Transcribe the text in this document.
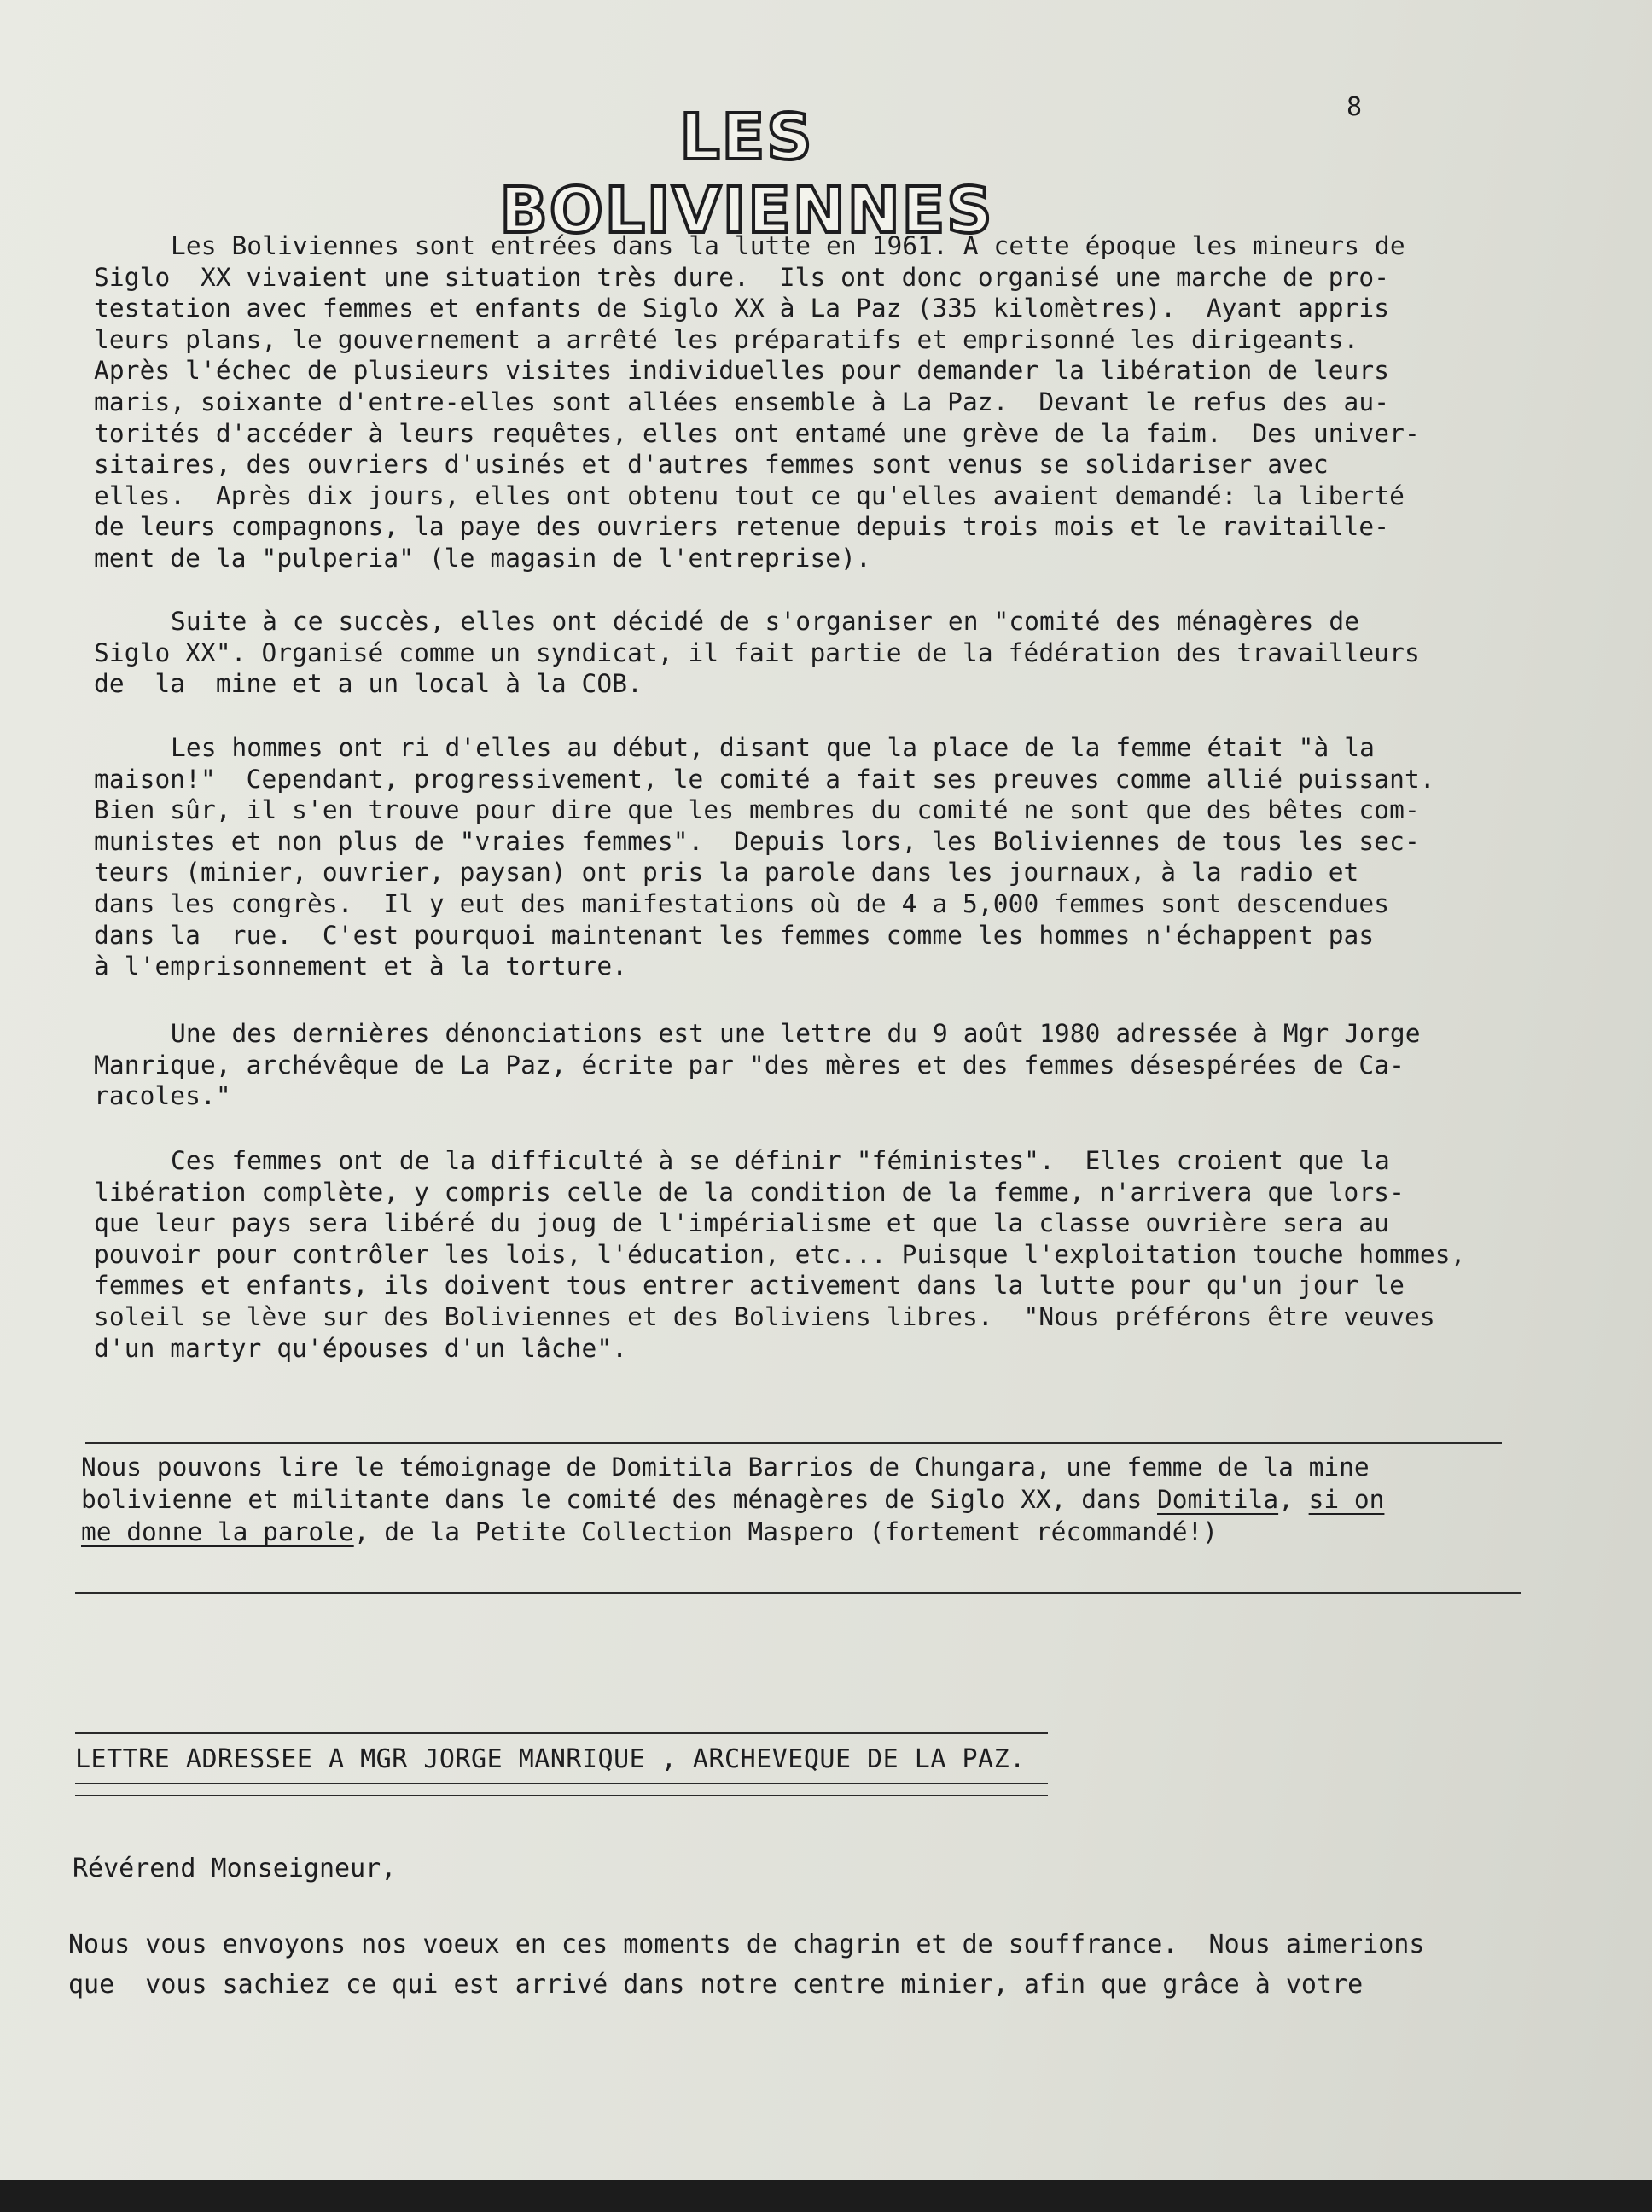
8
LES BOLIVIENNES
Les Boliviennes sont entrées dans la lutte en 1961. A cette époque les mineurs de
Siglo  XX vivaient une situation très dure.  Ils ont donc organisé une marche de pro-
testation avec femmes et enfants de Siglo XX à La Paz (335 kilomètres).  Ayant appris
leurs plans, le gouvernement a arrêté les préparatifs et emprisonné les dirigeants.
Après l'échec de plusieurs visites individuelles pour demander la libération de leurs
maris, soixante d'entre-elles sont allées ensemble à La Paz.  Devant le refus des au-
torités d'accéder à leurs requêtes, elles ont entamé une grève de la faim.  Des univer-
sitaires, des ouvriers d'usinés et d'autres femmes sont venus se solidariser avec
elles.  Après dix jours, elles ont obtenu tout ce qu'elles avaient demandé: la liberté
de leurs compagnons, la paye des ouvriers retenue depuis trois mois et le ravitaille-
ment de la "pulperia" (le magasin de l'entreprise).
Suite à ce succès, elles ont décidé de s'organiser en "comité des ménagères de
Siglo XX". Organisé comme un syndicat, il fait partie de la fédération des travailleurs
de  la  mine et a un local à la COB.
Les hommes ont ri d'elles au début, disant que la place de la femme était "à la
maison!"  Cependant, progressivement, le comité a fait ses preuves comme allié puissant.
Bien sûr, il s'en trouve pour dire que les membres du comité ne sont que des bêtes com-
munistes et non plus de "vraies femmes".  Depuis lors, les Boliviennes de tous les sec-
teurs (minier, ouvrier, paysan) ont pris la parole dans les journaux, à la radio et
dans les congrès.  Il y eut des manifestations où de 4 a 5,000 femmes sont descendues
dans la  rue.  C'est pourquoi maintenant les femmes comme les hommes n'échappent pas
à l'emprisonnement et à la torture.
Une des dernières dénonciations est une lettre du 9 août 1980 adressée à Mgr Jorge
Manrique, archévêque de La Paz, écrite par "des mères et des femmes désespérées de Ca-
racoles."
Ces femmes ont de la difficulté à se définir "féministes".  Elles croient que la
libération complète, y compris celle de la condition de la femme, n'arrivera que lors-
que leur pays sera libéré du joug de l'impérialisme et que la classe ouvrière sera au
pouvoir pour contrôler les lois, l'éducation, etc... Puisque l'exploitation touche hommes,
femmes et enfants, ils doivent tous entrer activement dans la lutte pour qu'un jour le
soleil se lève sur des Boliviennes et des Boliviens libres.  "Nous préférons être veuves
d'un martyr qu'épouses d'un lâche".
Nous pouvons lire le témoignage de Domitila Barrios de Chungara, une femme de la mine
bolivienne et militante dans le comité des ménagères de Siglo XX, dans Domitila, si on
me donne la parole, de la Petite Collection Maspero (fortement récommandé!)
LETTRE ADRESSEE A MGR JORGE MANRIQUE , ARCHEVEQUE DE LA PAZ.
Révérend Monseigneur,
Nous vous envoyons nos voeux en ces moments de chagrin et de souffrance.  Nous aimerions
que  vous sachiez ce qui est arrivé dans notre centre minier, afin que grâce à votre
